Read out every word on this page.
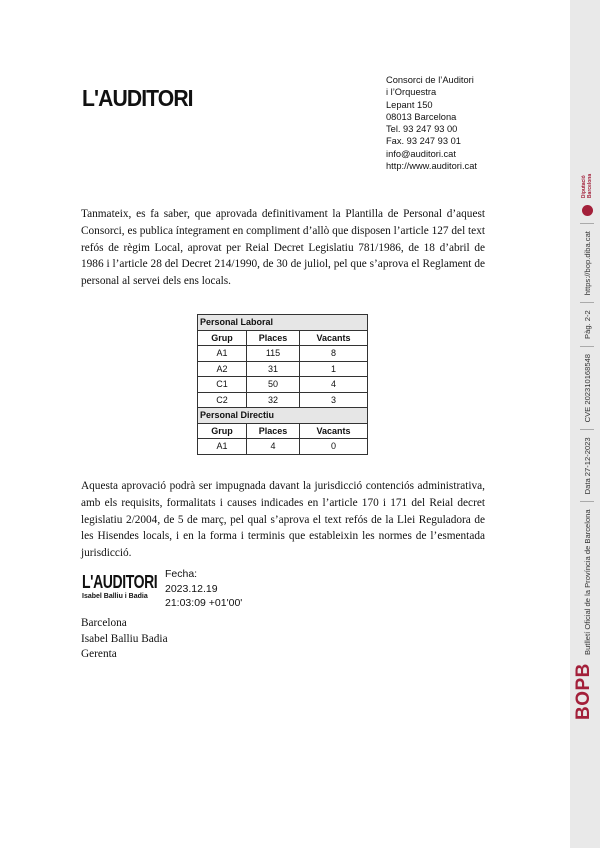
L'AUDITORI
Consorci de l’Auditori
i l’Orquestra
Lepant 150
08013 Barcelona
Tel. 93 247 93 00
Fax. 93 247 93 01
info@auditori.cat
http://www.auditori.cat
Tanmateix, es fa saber, que aprovada definitivament la Plantilla de Personal d’aquest Consorci, es publica íntegrament en compliment d’allò que disposen l’article 127 del text refós de règim Local, aprovat per Reial Decret Legislatiu 781/1986, de 18 d’abril de 1986 i l’article 28 del Decret 214/1990, de 30 de juliol, pel que s’aprova el Reglament de personal al servei dels ens locals.
Personal Laboral		
Grup	Places	Vacants
A1	115	8
A2	31	1
C1	50	4
C2	32	3
Personal Directiu		
Grup	Places	Vacants
A1	4	0
Aquesta aprovació podrà ser impugnada davant la jurisdicció contenciós administrativa, amb els requisits, formalitats i causes indicades en l’article 170 i 171 del Reial decret legislatiu 2/2004, de 5 de març, pel qual s’aprova el text refós de la Llei Reguladora de les Hisendes locals, i en la forma i terminis que estableixin les normes de l’esmentada jurisdicció.
L'AUDITORI
Isabel Balliu i Badia
Fecha:
2023.12.19
21:03:09 +01'00'
Barcelona
Isabel Balliu Badia
Gerenta
BOPB
Butlletí Oficial de la Província de Barcelona
Data 27-12-2023
CVE 202310168548
Pàg. 2-2
https://bop.diba.cat
Diputació Barcelona
